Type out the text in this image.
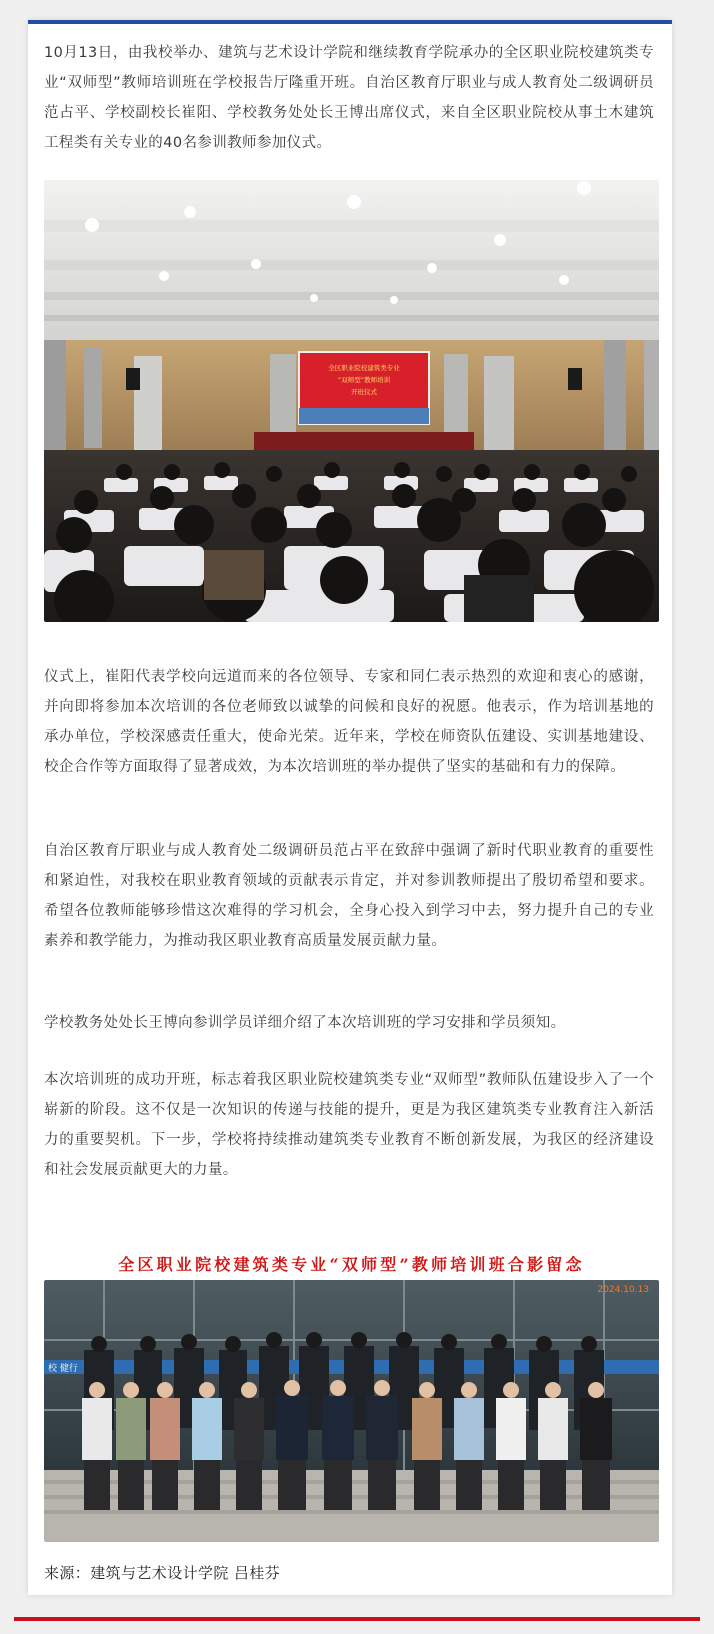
10月13日，由我校举办、建筑与艺术设计学院和继续教育学院承办的全区职业院校建筑类专业“双师型”教师培训班在学校报告厅隆重开班。自治区教育厅职业与成人教育处二级调研员范占平、学校副校长崔阳、学校教务处处长王博出席仪式，来自全区职业院校从事土木建筑工程类有关专业的40名参训教师参加仪式。

全区职业院校建筑类专业
“双师型”教师培训
开班仪式

仪式上，崔阳代表学校向远道而来的各位领导、专家和同仁表示热烈的欢迎和衷心的感谢，并向即将参加本次培训的各位老师致以诚挚的问候和良好的祝愿。他表示，作为培训基地的承办单位，学校深感责任重大，使命光荣。近年来，学校在师资队伍建设、实训基地建设、校企合作等方面取得了显著成效，为本次培训班的举办提供了坚实的基础和有力的保障。

自治区教育厅职业与成人教育处二级调研员范占平在致辞中强调了新时代职业教育的重要性和紧迫性，对我校在职业教育领域的贡献表示肯定，并对参训教师提出了殷切希望和要求。希望各位教师能够珍惜这次难得的学习机会，全身心投入到学习中去，努力提升自己的专业素养和教学能力，为推动我区职业教育高质量发展贡献力量。

学校教务处处长王博向参训学员详细介绍了本次培训班的学习安排和学员须知。

本次培训班的成功开班，标志着我区职业院校建筑类专业“双师型”教师队伍建设步入了一个崭新的阶段。这不仅是一次知识的传递与技能的提升，更是为我区建筑类专业教育注入新活力的重要契机。下一步，学校将持续推动建筑类专业教育不断创新发展，为我区的经济建设和社会发展贡献更大的力量。

全区职业院校建筑类专业“双师型”教师培训班合影留念
校 健行
2024.10.13
来源：建筑与艺术设计学院 吕桂芬
